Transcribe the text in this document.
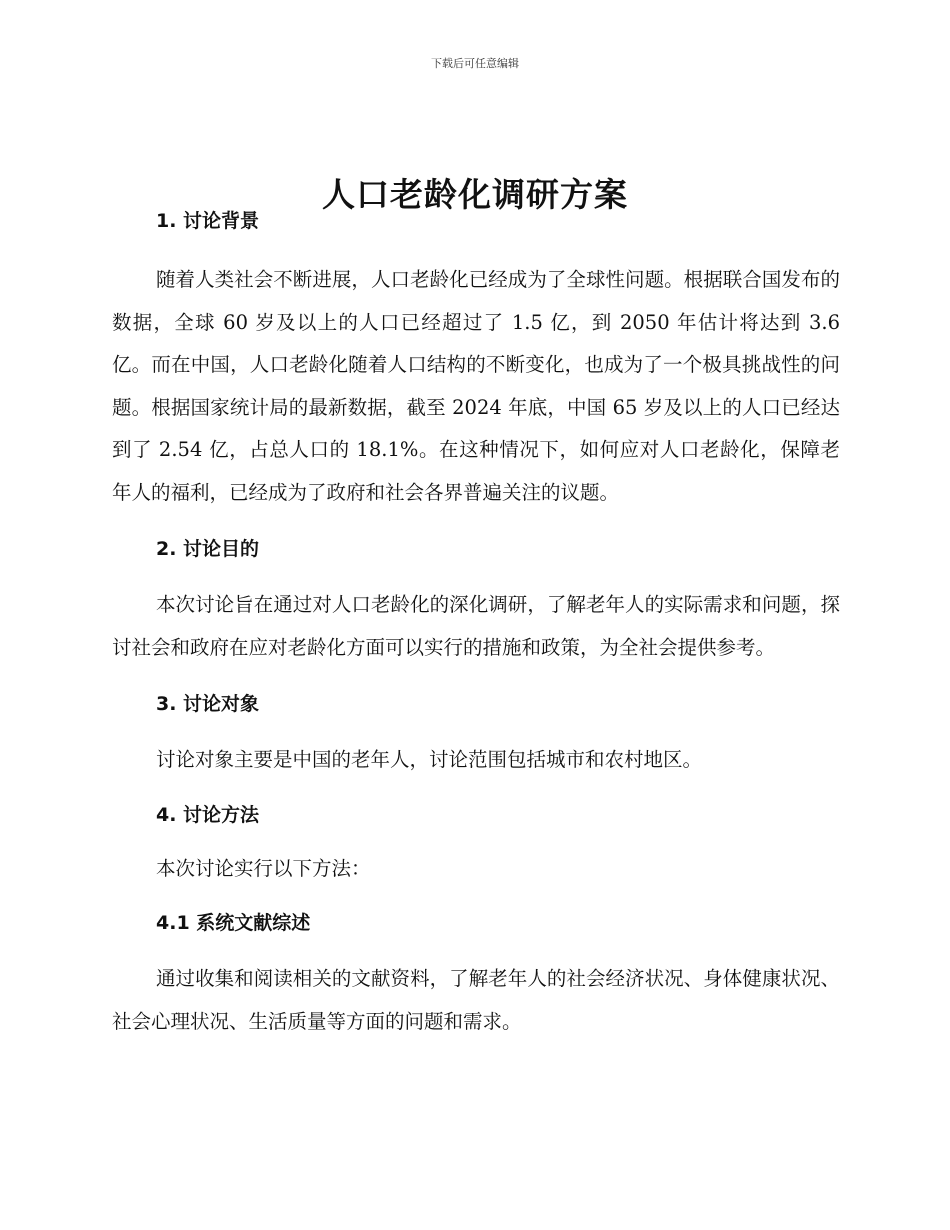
下载后可任意编辑
人口老龄化调研方案
1. 讨论背景

随着人类社会不断进展，人口老龄化已经成为了全球性问题。根据联合国发布的数据，全球 60 岁及以上的人口已经超过了 1.5 亿，到 2050 年估计将达到 3.6 亿。而在中国，人口老龄化随着人口结构的不断变化，也成为了一个极具挑战性的问题。根据国家统计局的最新数据，截至 2024 年底，中国 65 岁及以上的人口已经达到了 2.54 亿，占总人口的 18.1%。在这种情况下，如何应对人口老龄化，保障老年人的福利，已经成为了政府和社会各界普遍关注的议题。

2. 讨论目的

本次讨论旨在通过对人口老龄化的深化调研，了解老年人的实际需求和问题，探讨社会和政府在应对老龄化方面可以实行的措施和政策，为全社会提供参考。

3. 讨论对象

讨论对象主要是中国的老年人，讨论范围包括城市和农村地区。

4. 讨论方法

本次讨论实行以下方法：

4.1 系统文献综述

通过收集和阅读相关的文献资料，了解老年人的社会经济状况、身体健康状况、社会心理状况、生活质量等方面的问题和需求。
